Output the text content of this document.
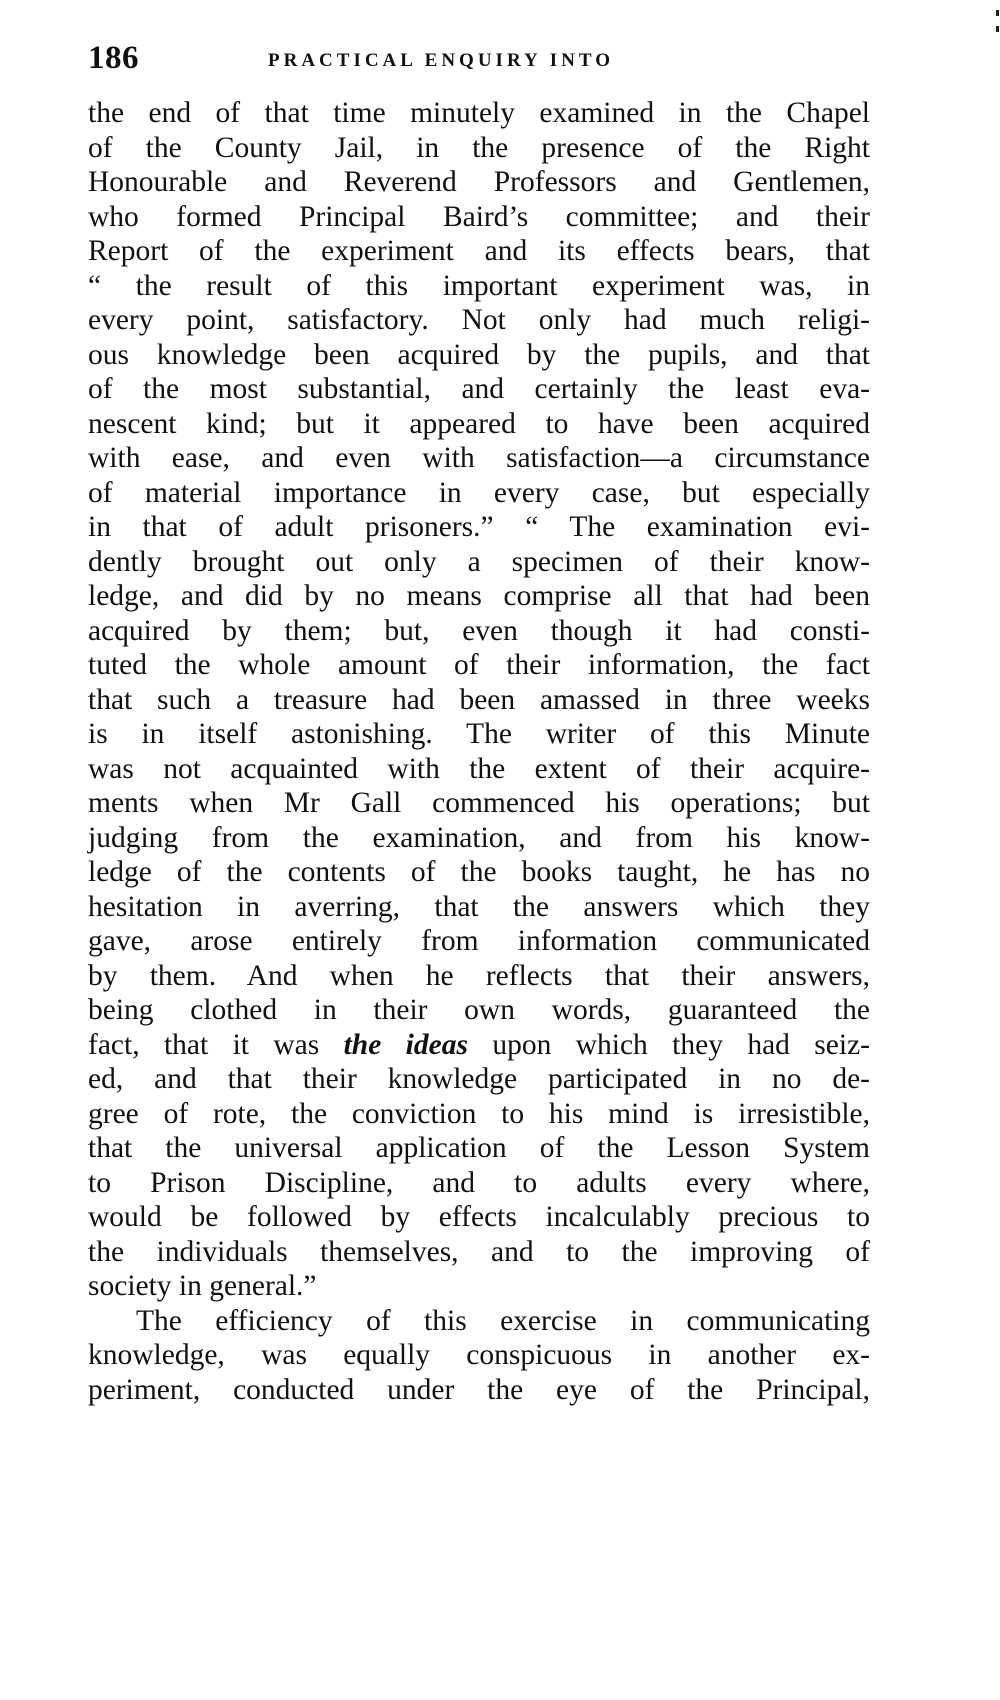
186	PRACTICAL ENQUIRY INTO
the end of that time minutely examined in the Chapel
of the County Jail, in the presence of the Right
Honourable and Reverend Professors and Gentlemen,
who formed Principal Baird’s committee; and their
Report of the experiment and its effects bears, that
“ the result of this important experiment was, in
every point, satisfactory. Not only had much religi-
ous knowledge been acquired by the pupils, and that
of the most substantial, and certainly the least eva-
nescent kind; but it appeared to have been acquired
with ease, and even with satisfaction—a circumstance
of material importance in every case, but especially
in that of adult prisoners.” “ The examination evi-
dently brought out only a specimen of their know-
ledge, and did by no means comprise all that had been
acquired by them; but, even though it had consti-
tuted the whole amount of their information, the fact
that such a treasure had been amassed in three weeks
is in itself astonishing. The writer of this Minute
was not acquainted with the extent of their acquire-
ments when Mr Gall commenced his operations; but
judging from the examination, and from his know-
ledge of the contents of the books taught, he has no
hesitation in averring, that the answers which they
gave, arose entirely from information communicated
by them. And when he reflects that their answers,
being clothed in their own words, guaranteed the
fact, that it was the ideas upon which they had seiz-
ed, and that their knowledge participated in no de-
gree of rote, the conviction to his mind is irresistible,
that the universal application of the Lesson System
to Prison Discipline, and to adults every where,
would be followed by effects incalculably precious to
the individuals themselves, and to the improving of
society in general.”
The efficiency of this exercise in communicating
knowledge, was equally conspicuous in another ex-
periment, conducted under the eye of the Principal,
